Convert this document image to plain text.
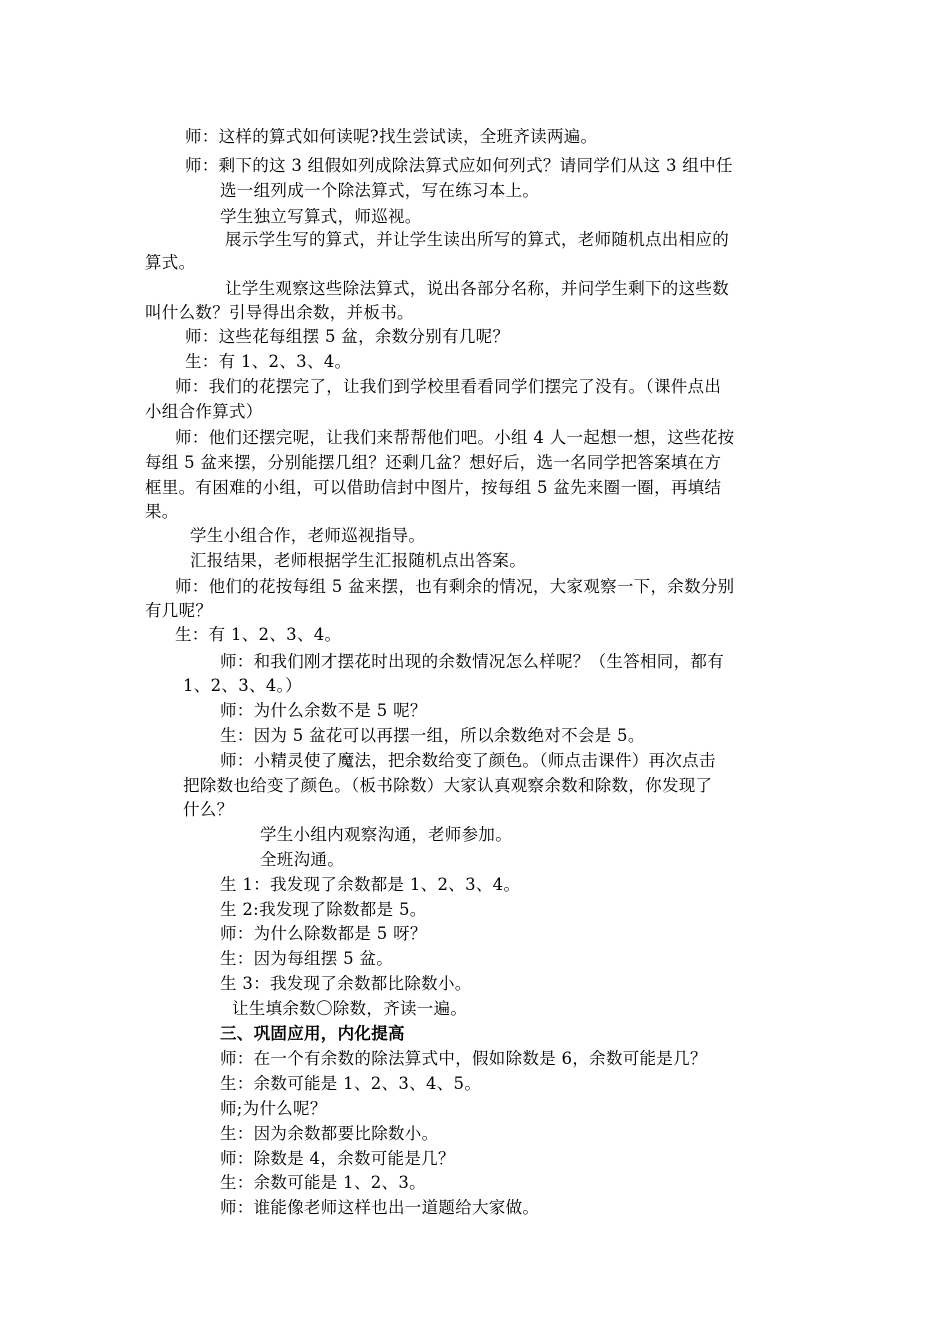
师：这样的算式如何读呢?找生尝试读，全班齐读两遍。
师：剩下的这 3 组假如列成除法算式应如何列式？请同学们从这 3 组中任
选一组列成一个除法算式，写在练习本上。
学生独立写算式，师巡视。
展示学生写的算式，并让学生读出所写的算式，老师随机点出相应的
算式。
让学生观察这些除法算式，说出各部分名称，并问学生剩下的这些数
叫什么数？引导得出余数，并板书。
师：这些花每组摆 5 盆，余数分别有几呢？
生：有 1、2、3、4。
师：我们的花摆完了，让我们到学校里看看同学们摆完了没有。（课件点出
小组合作算式）
师：他们还摆完呢，让我们来帮帮他们吧。小组 4 人一起想一想，这些花按
每组 5 盆来摆，分别能摆几组？还剩几盆？想好后，选一名同学把答案填在方
框里。有困难的小组，可以借助信封中图片，按每组 5 盆先来圈一圈，再填结
果。
学生小组合作，老师巡视指导。
汇报结果，老师根据学生汇报随机点出答案。
师：他们的花按每组 5 盆来摆，也有剩余的情况，大家观察一下，余数分别
有几呢？
生：有 1、2、3、4。
师：和我们刚才摆花时出现的余数情况怎么样呢？（生答相同，都有
1、2、3、4。）
师：为什么余数不是 5 呢？
生：因为 5 盆花可以再摆一组，所以余数绝对不会是 5。
师：小精灵使了魔法，把余数给变了颜色。（师点击课件）再次点击
把除数也给变了颜色。（板书除数）大家认真观察余数和除数，你发现了
什么？
学生小组内观察沟通，老师参加。
全班沟通。
生 1：我发现了余数都是 1、2、3、4。
生 2:我发现了除数都是 5。
师：为什么除数都是 5 呀？
生：因为每组摆 5 盆。
生 3：我发现了余数都比除数小。
让生填余数〇除数，齐读一遍。
三、巩固应用，内化提高
师：在一个有余数的除法算式中，假如除数是 6，余数可能是几？
生：余数可能是 1、2、3、4、5。
师;为什么呢？
生：因为余数都要比除数小。
师：除数是 4，余数可能是几？
生：余数可能是 1、2、3。
师：谁能像老师这样也出一道题给大家做。
